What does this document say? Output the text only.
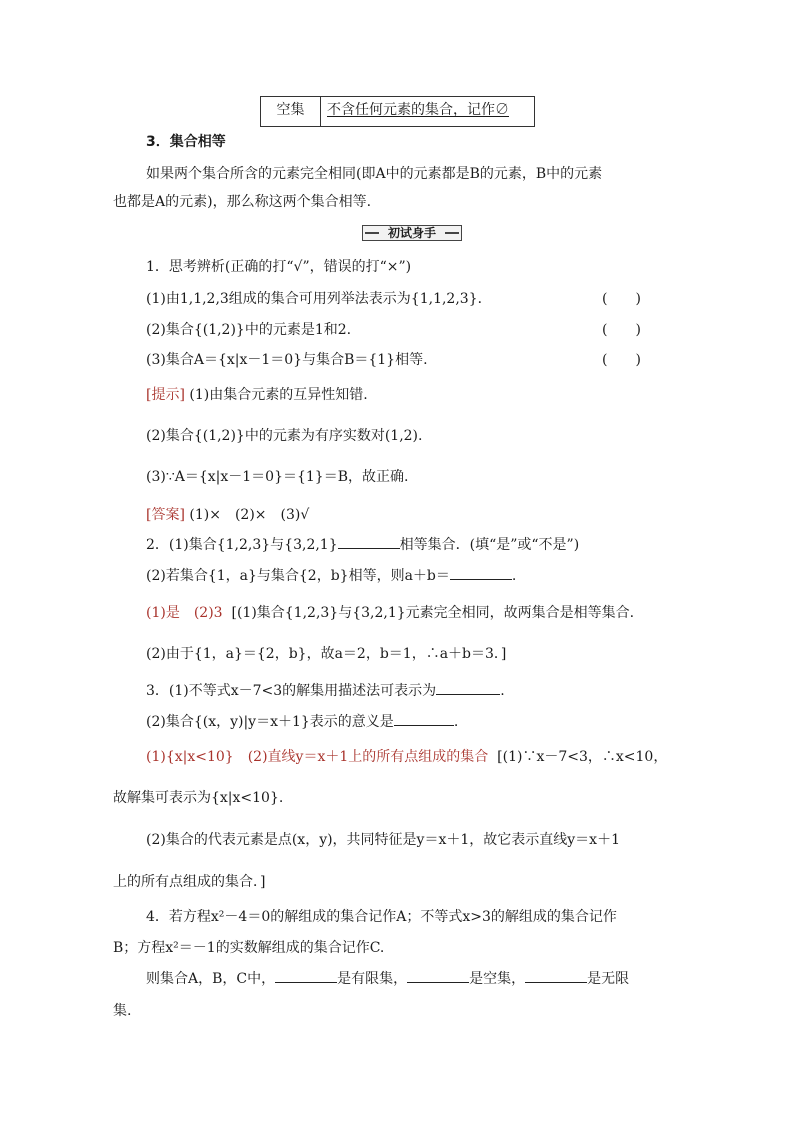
空集	不含任何元素的集合，记作∅
3．集合相等
如果两个集合所含的元素完全相同(即A中的元素都是B的元素，B中的元素
也都是A的元素)，那么称这两个集合相等.
初试身手
1．思考辨析(正确的打“√”，错误的打“×”)
(1)由1,1,2,3组成的集合可用列举法表示为{1,1,2,3}．	(　　)
(2)集合{(1,2)}中的元素是1和2.	(　　)
(3)集合A＝{x|x－1＝0}与集合B＝{1}相等.	(　　)
[提示] (1)由集合元素的互异性知错.
(2)集合{(1,2)}中的元素为有序实数对(1,2).
(3)∵A＝{x|x－1＝0}＝{1}＝B，故正确.
[答案] (1)×　(2)×　(3)√
2．(1)集合{1,2,3}与{3,2,1}	相等集合．(填“是”或“不是”)
(2)若集合{1，a}与集合{2，b}相等，则a＋b＝	.
(1)是　(2)3 [(1)集合{1,2,3}与{3,2,1}元素完全相同，故两集合是相等集合.
(2)由于{1，a}＝{2，b}，故a＝2，b＝1，∴a＋b＝3．]
3．(1)不等式x－7<3的解集用描述法可表示为	.
(2)集合{(x，y)|y＝x＋1}表示的意义是	.
(1){x|x<10}　(2)直线y＝x＋1上的所有点组成的集合 [(1)∵x－7<3，∴x<10，
故解集可表示为{x|x<10}.
(2)集合的代表元素是点(x，y)，共同特征是y＝x＋1，故它表示直线y＝x＋1
上的所有点组成的集合．]
4．若方程x²－4＝0的解组成的集合记作A；不等式x>3的解组成的集合记作
B；方程x²＝－1的实数解组成的集合记作C.
则集合A，B，C中，	是有限集，	是空集，	是无限
集.
